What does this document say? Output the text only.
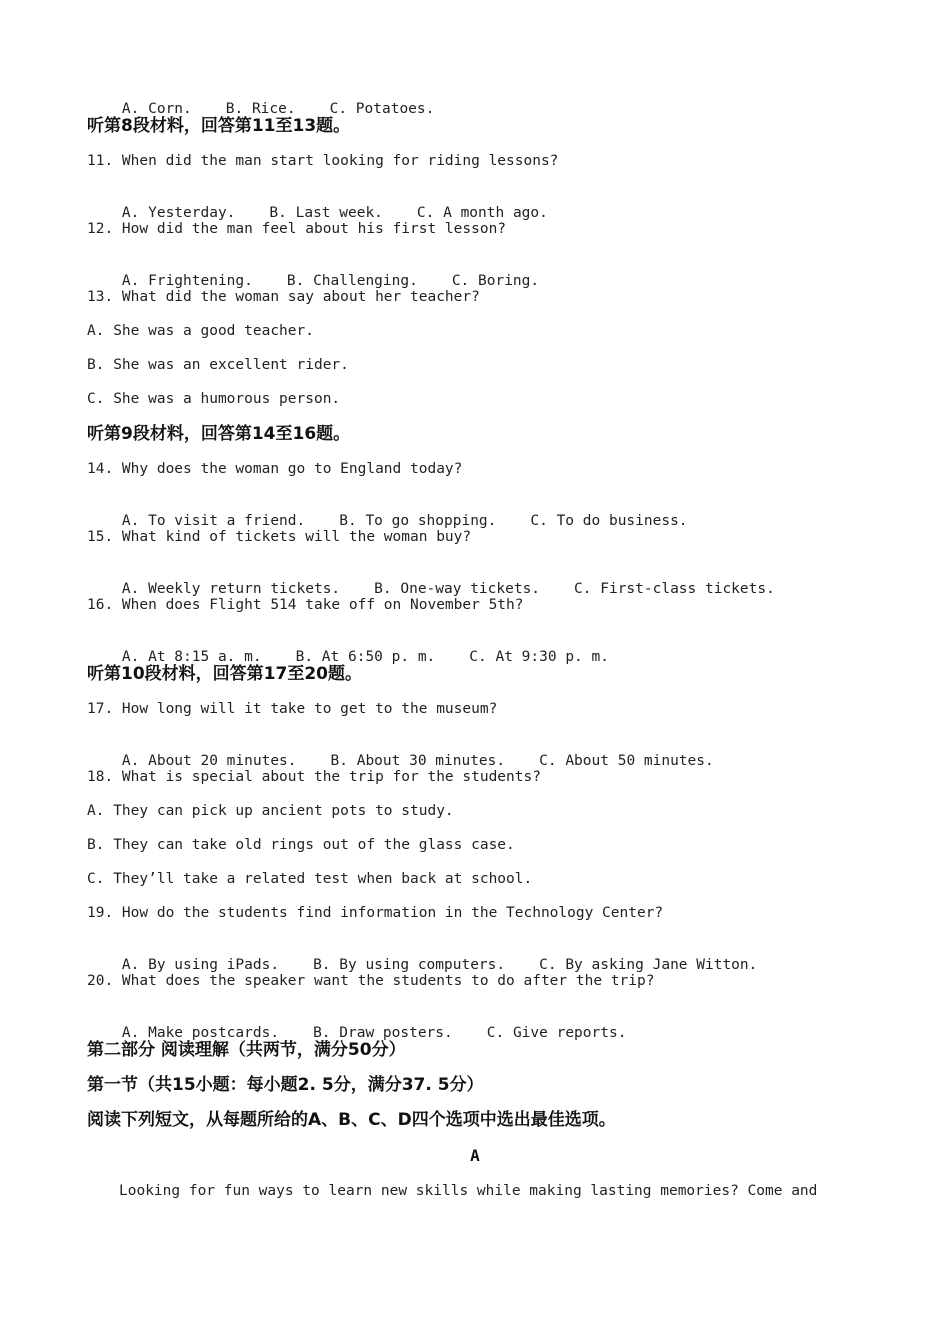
A. Corn. B. Rice. C. Potatoes.

听第8段材料，回答第11至13题。
11. When did the man start looking for riding lessons?

A. Yesterday. B. Last week. C. A month ago.

12. How did the man feel about his first lesson?

A. Frightening. B. Challenging. C. Boring.

13. What did the woman say about her teacher?
A. She was a good teacher.
B. She was an excellent rider.
C. She was a humorous person.
听第9段材料，回答第14至16题。
14. Why does the woman go to England today?

A. To visit a friend. B. To go shopping. C. To do business.

15. What kind of tickets will the woman buy?

A. Weekly return tickets. B. One-way tickets. C. First-class tickets.

16. When does Flight 514 take off on November 5th?

A. At 8:15 a. m. B. At 6:50 p. m. C. At 9:30 p. m.

听第10段材料，回答第17至20题。
17. How long will it take to get to the museum?

A. About 20 minutes. B. About 30 minutes. C. About 50 minutes.

18. What is special about the trip for the students?
A. They can pick up ancient pots to study.
B. They can take old rings out of the glass case.
C. They’ll take a related test when back at school.
19. How do the students find information in the Technology Center?

A. By using iPads. B. By using computers. C. By asking Jane Witton.

20. What does the speaker want the students to do after the trip?

A. Make postcards. B. Draw posters. C. Give reports.

第二部分 阅读理解（共两节，满分50分）
第一节（共15小题：每小题2. 5分，满分37. 5分）
阅读下列短文，从每题所给的A、B、C、D四个选项中选出最佳选项。
A
Looking for fun ways to learn new skills while making lasting memories? Come and
